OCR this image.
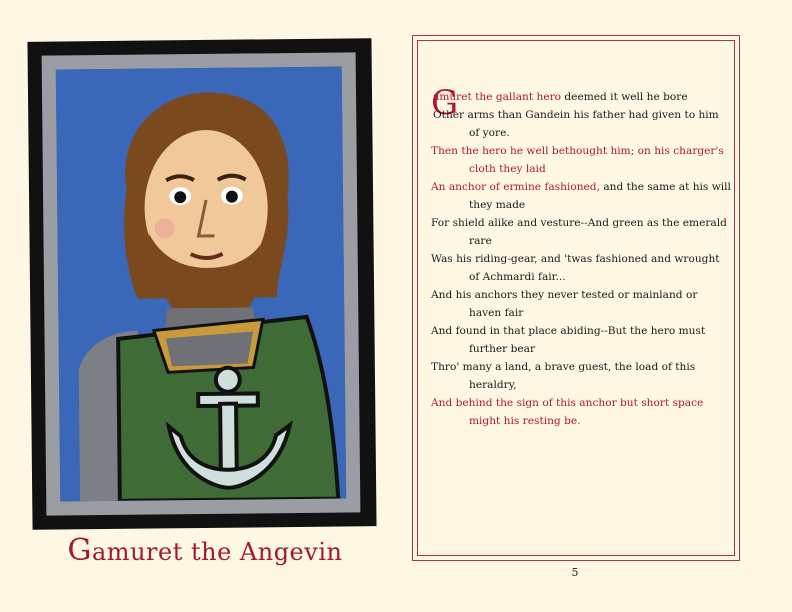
Gamuret the Angevin
G
amuret the gallant hero deemed it well he bore
Other arms than Gandein his father had given to him of yore.
Then the hero he well bethought him; on his charger's cloth they laid
An anchor of ermine fashioned, and the same at his will they made
For shield alike and vesture--And green as the emerald rare
Was his riding-gear, and 'twas fashioned and wrought of Achmardi fair...
And his anchors they never tested or mainland or haven fair
And found in that place abiding--But the hero must further bear
Thro' many a land, a brave guest, the load of this heraldry,
And behind the sign of this anchor but short space might his resting be.
5
